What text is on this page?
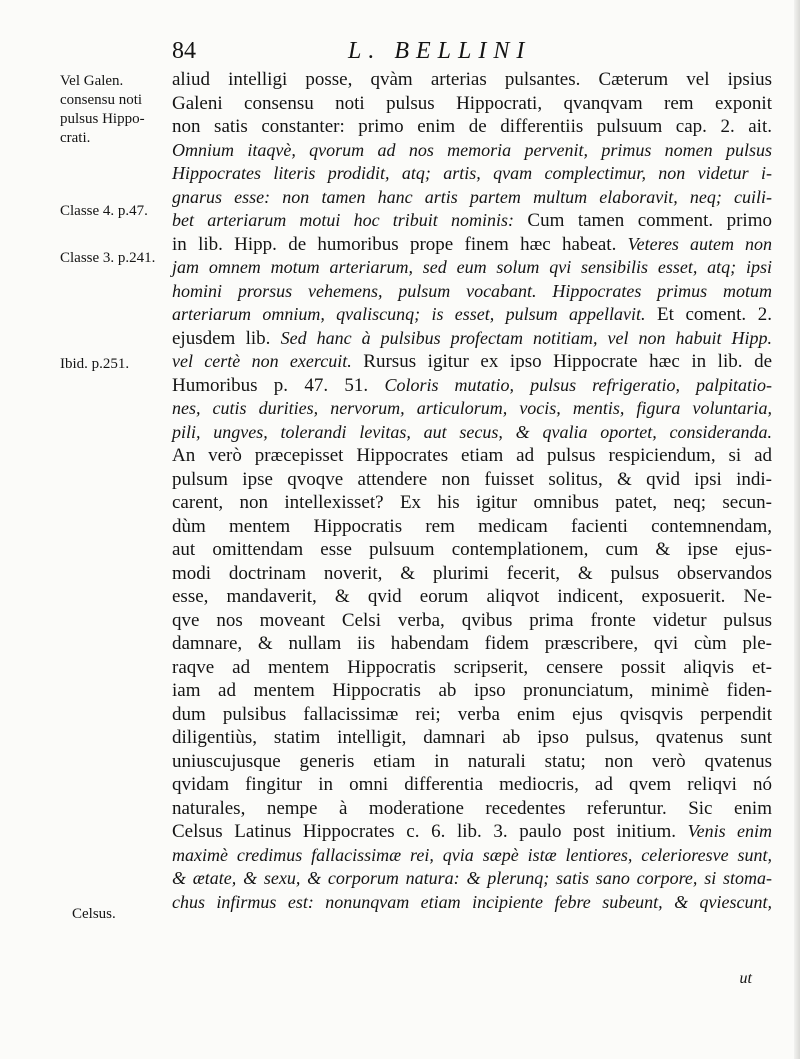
84	L. BELLINI
Vel Galen.
consensu noti
pulsus Hippo-
crati.
Classe 4. p.47.
Classe 3. p.241.
Ibid. p.251.
Celsus.
aliud intelligi posse, qvàm arterias pulsantes. Cæterum vel ipsius
Galeni consensu noti pulsus Hippocrati, qvanqvam rem exponit
non satis constanter: primo enim de differentiis pulsuum cap. 2. ait.
Omnium itaqvè, qvorum ad nos memoria pervenit, primus nomen pulsus
Hippocrates literis prodidit, atq; artis, qvam complectimur, non videtur i-
gnarus esse: non tamen hanc artis partem multum elaboravit, neq; cuili-
bet arteriarum motui hoc tribuit nominis: Cum tamen comment. primo
in lib. Hipp. de humoribus prope finem hæc habeat. Veteres autem non
jam omnem motum arteriarum, sed eum solum qvi sensibilis esset, atq; ipsi
homini prorsus vehemens, pulsum vocabant. Hippocrates primus motum
arteriarum omnium, qvaliscunq; is esset, pulsum appellavit. Et coment. 2.
ejusdem lib. Sed hanc à pulsibus profectam notitiam, vel non habuit Hipp.
vel certè non exercuit. Rursus igitur ex ipso Hippocrate hæc in lib. de
Humoribus p. 47. 51. Coloris mutatio, pulsus refrigeratio, palpitatio-
nes, cutis durities, nervorum, articulorum, vocis, mentis, figura voluntaria,
pili, ungves, tolerandi levitas, aut secus, & qvalia oportet, consideranda.
An verò præcepisset Hippocrates etiam ad pulsus respiciendum, si ad
pulsum ipse qvoqve attendere non fuisset solitus, & qvid ipsi indi-
carent, non intellexisset? Ex his igitur omnibus patet, neq; secun-
dùm mentem Hippocratis rem medicam facienti contemnendam,
aut omittendam esse pulsuum contemplationem, cum & ipse ejus-
modi doctrinam noverit, & plurimi fecerit, & pulsus observandos
esse, mandaverit, & qvid eorum aliqvot indicent, exposuerit. Ne-
qve nos moveant Celsi verba, qvibus prima fronte videtur pulsus
damnare, & nullam iis habendam fidem præscribere, qvi cùm ple-
raqve ad mentem Hippocratis scripserit, censere possit aliqvis et-
iam ad mentem Hippocratis ab ipso pronunciatum, minimè fiden-
dum pulsibus fallacissimæ rei; verba enim ejus qvisqvis perpendit
diligentiùs, statim intelligit, damnari ab ipso pulsus, qvatenus sunt
uniuscujusque generis etiam in naturali statu; non verò qvatenus
qvidam fingitur in omni differentia mediocris, ad qvem reliqvi nó
naturales, nempe à moderatione recedentes referuntur. Sic enim
Celsus Latinus Hippocrates c. 6. lib. 3. paulo post initium. Venis enim
maximè credimus fallacissimæ rei, qvia sæpè istæ lentiores, celerioresve sunt,
& ætate, & sexu, & corporum natura: & plerunq; satis sano corpore, si stoma-
chus infirmus est: nonunqvam etiam incipiente febre subeunt, & qviescunt,
ut
